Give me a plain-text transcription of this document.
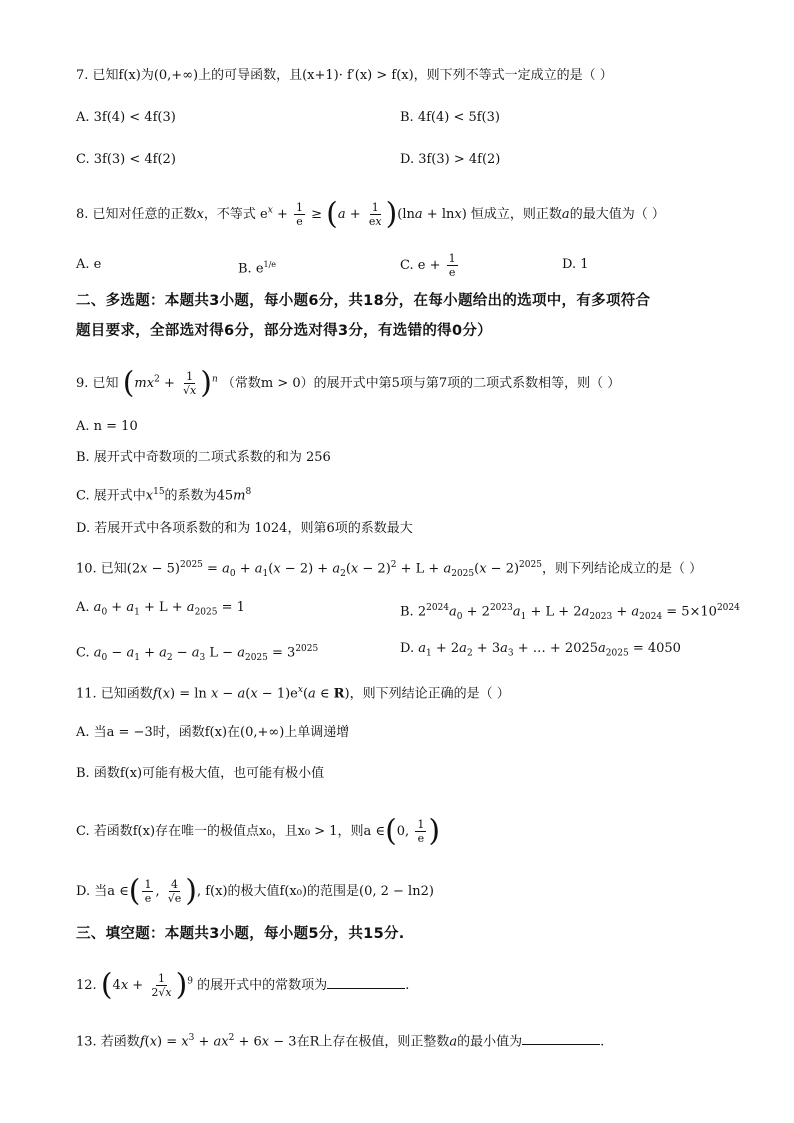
7. 已知f(x)为(0,+∞)上的可导函数，且(x+1)· f′(x) > f(x)，则下列不等式一定成立的是（ ）
A. 3f(4) < 4f(3)	B. 4f(4) < 5f(3)
C. 3f(3) < 4f(2)	D. 3f(3) > 4f(2)
8. 已知对任意的正数x，不等式 $e^x + \frac{1}{e} \ge (a + \frac{1}{ex} )(\ln a + \ln x)$ 恒成立，则正数a的最大值为（ ）
A. e	B. $e^{1/e}$	C. $e + \frac{1}{e}$	D. 1
二、多选题：本题共3小题，每小题6分，共18分，在每小题给出的选项中，有多项符合
题目要求，全部选对得6分，部分选对得3分，有选错的得0分）
9. 已知 $(mx^2 + \frac{1}{√x} )^n$ （常数m > 0）的展开式中第5项与第7项的二项式系数相等，则（ ）
A. n = 10
B. 展开式中奇数项的二项式系数的和为 256
C. 展开式中$x^{15}$的系数为$45m^8$
D. 若展开式中各项系数的和为 1024，则第6项的系数最大
10. 已知$(2x - 5)^{2025} = a_0 + a_1(x - 2) + a_2(x - 2)^2 + L + a_{2025}(x - 2)^{2025}$，则下列结论成立的是（ ）
A. $a_0 + a_1 + L + a_{2025} = 1$	B. $2^{2024}a_0 + 2^{2023}a_1 + L + 2a_{2023} + a_{2024} = 5\times 10^{2024}$
C. $a_0 - a_1 + a_2 - a_3$ $L - a_{2025} = 3^{2025}$	D. $a_1 + 2a_2 + 3a_3$ + … + $2025a_{2025} = 4050$
11. 已知函数$f(x) = \ln x - a(x - 1)e^x(a$ ∈ R)，则下列结论正确的是（ ）
A. 当a = −3时，函数f(x)在(0,+∞)上单调递增
B. 函数f(x)可能有极大值，也可能有极小值
C. 若函数f(x)存在唯一的极值点x₀，且x₀ > 1，则a ∈(0, $\frac{1}{e}$ )
D. 当a ∈( $\frac{1}{e}$ , $\frac{4}{√e}$ ), f(x)的极大值f(x₀)的范围是(0, 2 − ln2)
三、填空题：本题共3小题，每小题5分，共15分.
12. $(4x + \frac{1}{2√x} )^9$ 的展开式中的常数项为	.
13. 若函数$f(x) = x^3 + ax^2 + 6x - 3$在R上存在极值，则正整数a的最小值为	.
